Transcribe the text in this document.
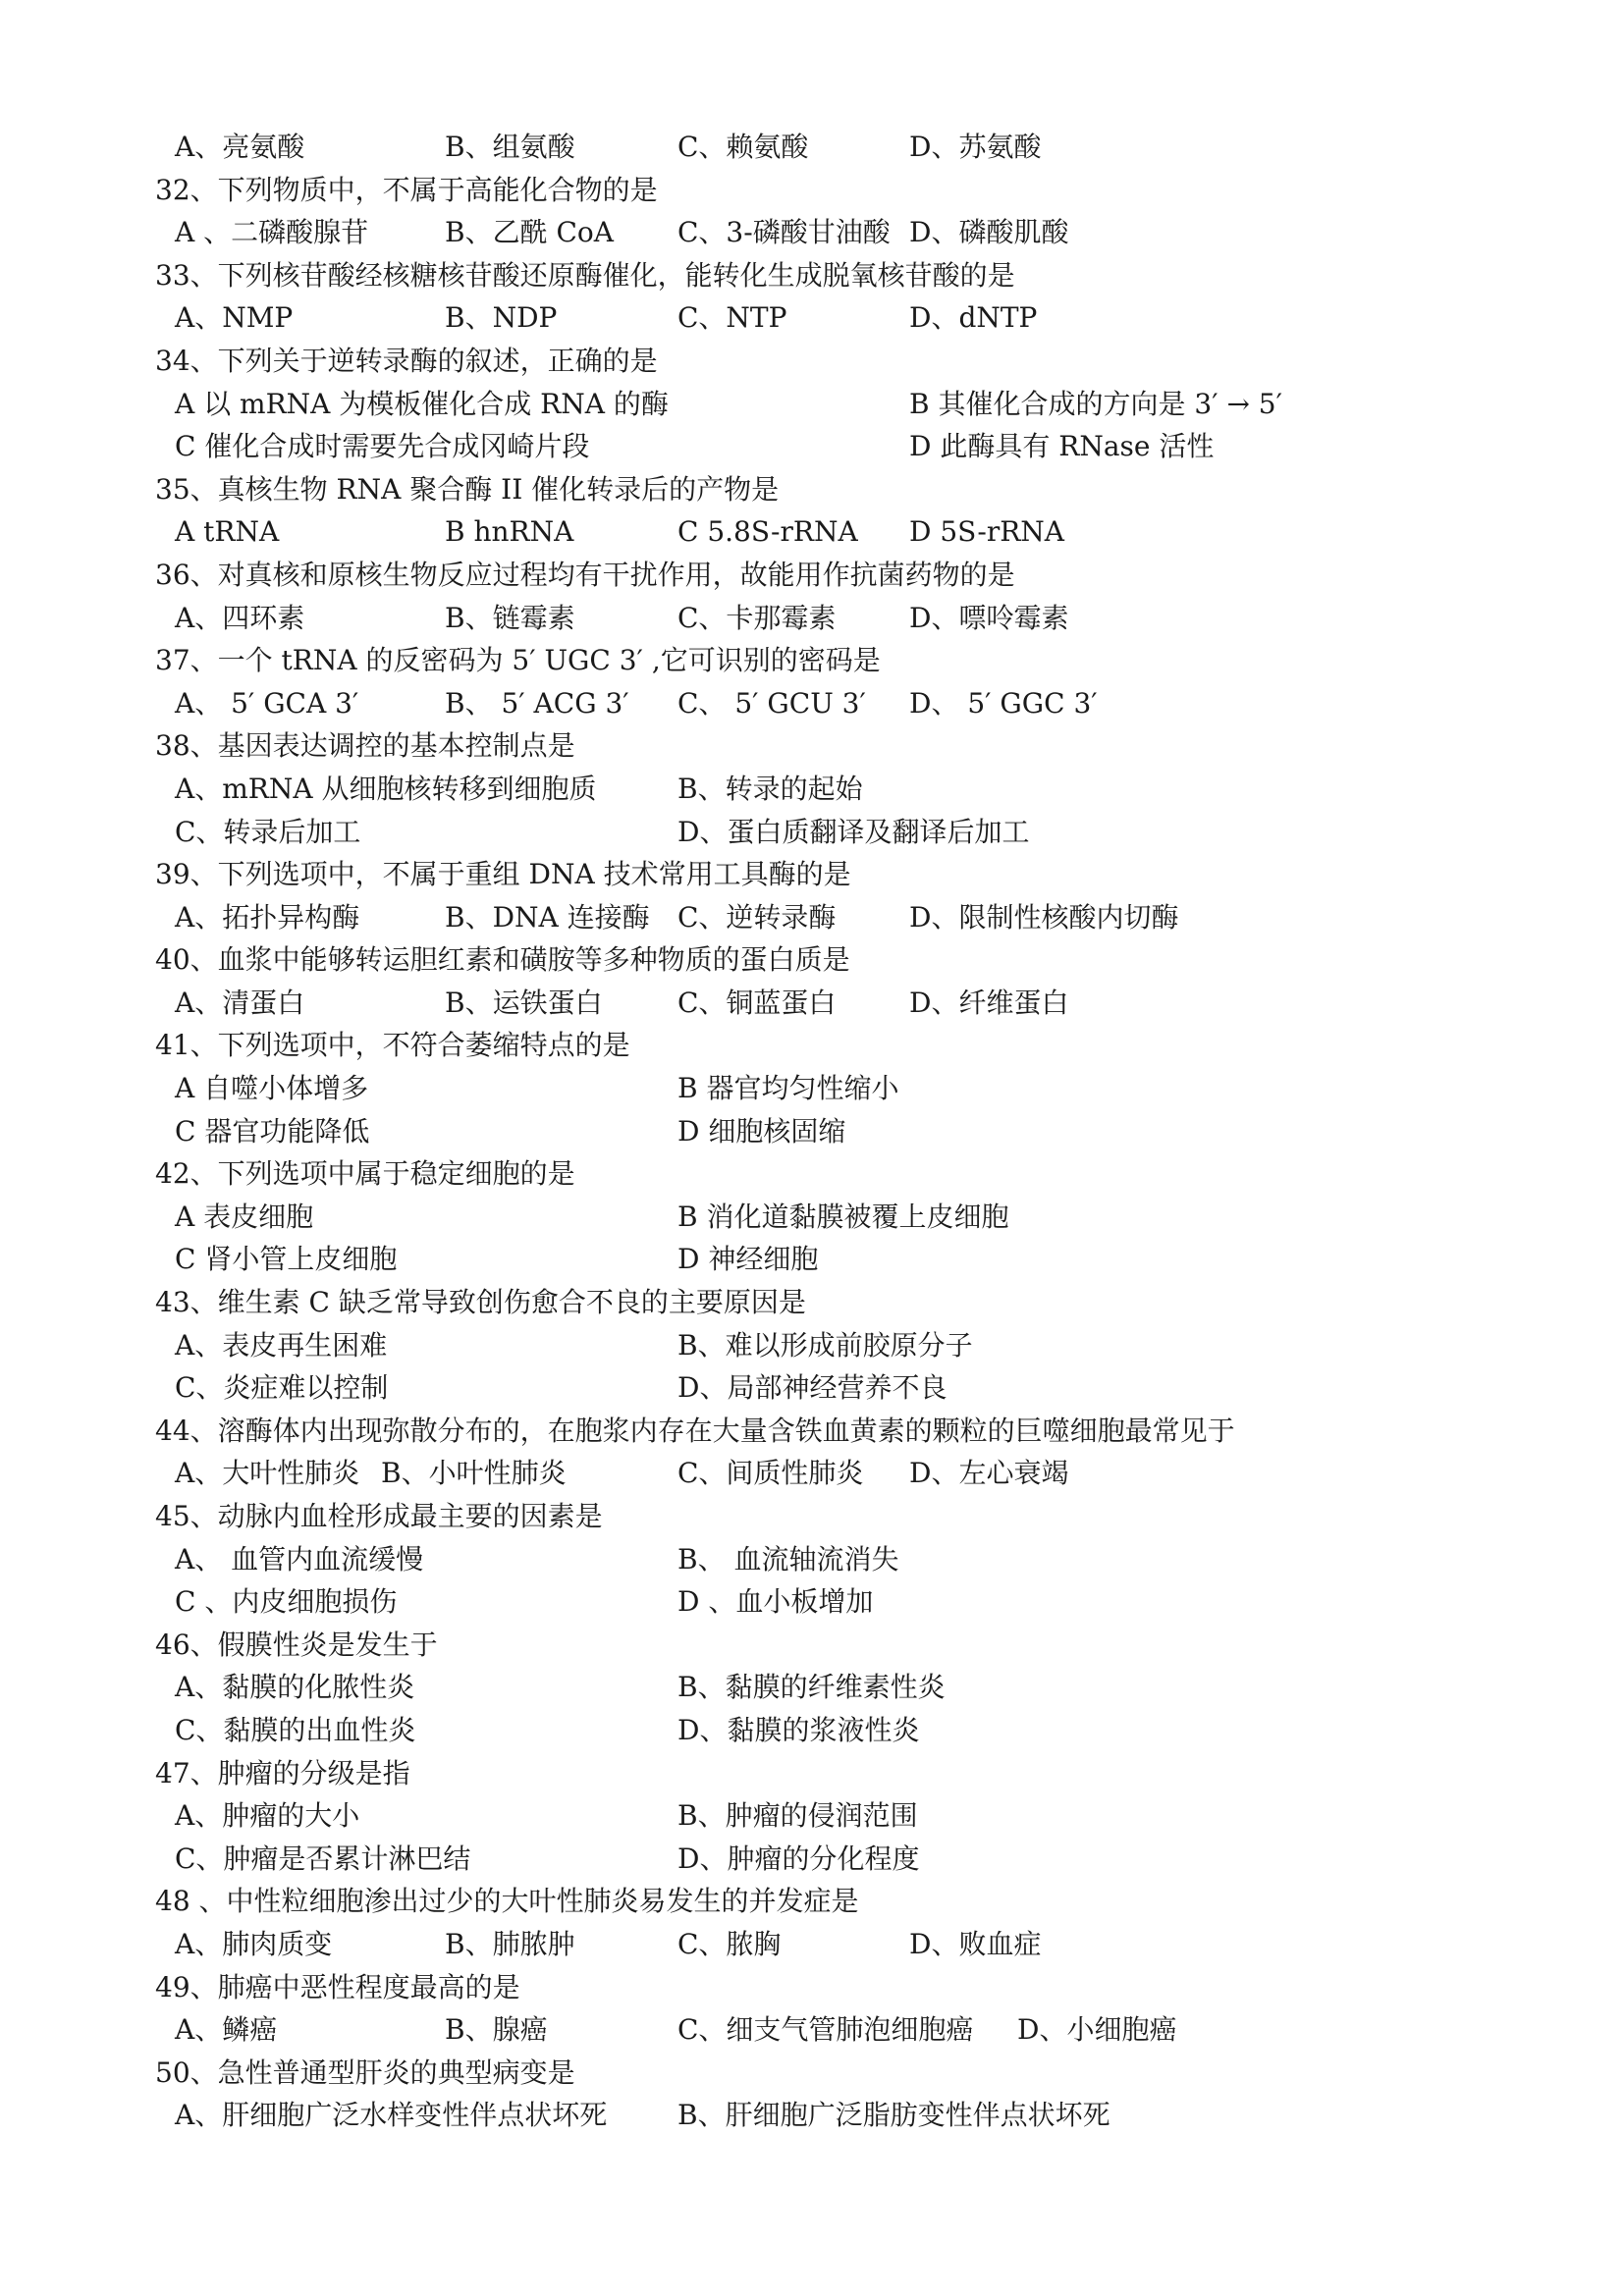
A、亮氨酸	B、组氨酸	C、赖氨酸	D、苏氨酸
32、下列物质中，不属于高能化合物的是
A 、二磷酸腺苷	B、乙酰 CoA C、3-磷酸甘油酸 D、磷酸肌酸
33、下列核苷酸经核糖核苷酸还原酶催化，能转化生成脱氧核苷酸的是
A、NMP	B、NDP	C、NTP	D、dNTP
34、下列关于逆转录酶的叙述，正确的是
A 以 mRNA 为模板催化合成 RNA 的酶	B 其催化合成的方向是 3′ → 5′
C 催化合成时需要先合成冈崎片段	D 此酶具有 RNase 活性
35、真核生物 RNA 聚合酶 II 催化转录后的产物是
A tRNA	B hnRNA	C 5.8S-rRNA D 5S-rRNA
36、对真核和原核生物反应过程均有干扰作用，故能用作抗菌药物的是
A、四环素	B、链霉素	C、卡那霉素	D、嘌呤霉素
37、一个 tRNA 的反密码为 5′ UGC 3′ ,它可识别的密码是
A、 5′ GCA 3′	B、 5′ ACG 3′ C、 5′ GCU 3′ D、 5′ GGC 3′
38、基因表达调控的基本控制点是
A、mRNA 从细胞核转移到细胞质	B、转录的起始
C、转录后加工	D、蛋白质翻译及翻译后加工
39、下列选项中，不属于重组 DNA 技术常用工具酶的是
A、拓扑异构酶	B、DNA 连接酶 C、逆转录酶	D、限制性核酸内切酶
40、血浆中能够转运胆红素和磺胺等多种物质的蛋白质是
A、清蛋白	B、运铁蛋白	C、铜蓝蛋白	D、纤维蛋白
41、下列选项中，不符合萎缩特点的是
A 自噬小体增多	B 器官均匀性缩小
C 器官功能降低	D 细胞核固缩
42、下列选项中属于稳定细胞的是
A 表皮细胞	B 消化道黏膜被覆上皮细胞
C 肾小管上皮细胞	D 神经细胞
43、维生素 C 缺乏常导致创伤愈合不良的主要原因是
A、表皮再生困难	B、难以形成前胶原分子
C、炎症难以控制	D、局部神经营养不良
44、溶酶体内出现弥散分布的，在胞浆内存在大量含铁血黄素的颗粒的巨噬细胞最常见于
A、大叶性肺炎 B、小叶性肺炎	C、间质性肺炎 D、左心衰竭
45、动脉内血栓形成最主要的因素是
A、 血管内血流缓慢	B、 血流轴流消失
C 、内皮细胞损伤	D 、血小板增加
46、假膜性炎是发生于
A、黏膜的化脓性炎	B、黏膜的纤维素性炎
C、黏膜的出血性炎	D、黏膜的浆液性炎
47、肿瘤的分级是指
A、肿瘤的大小	B、肿瘤的侵润范围
C、肿瘤是否累计淋巴结	D、肿瘤的分化程度
48 、中性粒细胞渗出过少的大叶性肺炎易发生的并发症是
A、肺肉质变	B、肺脓肿	C、脓胸	D、败血症
49、肺癌中恶性程度最高的是
A、鳞癌	B、腺癌	C、细支气管肺泡细胞癌 D、小细胞癌
50、急性普通型肝炎的典型病变是
A、肝细胞广泛水样变性伴点状坏死	B、肝细胞广泛脂肪变性伴点状坏死
